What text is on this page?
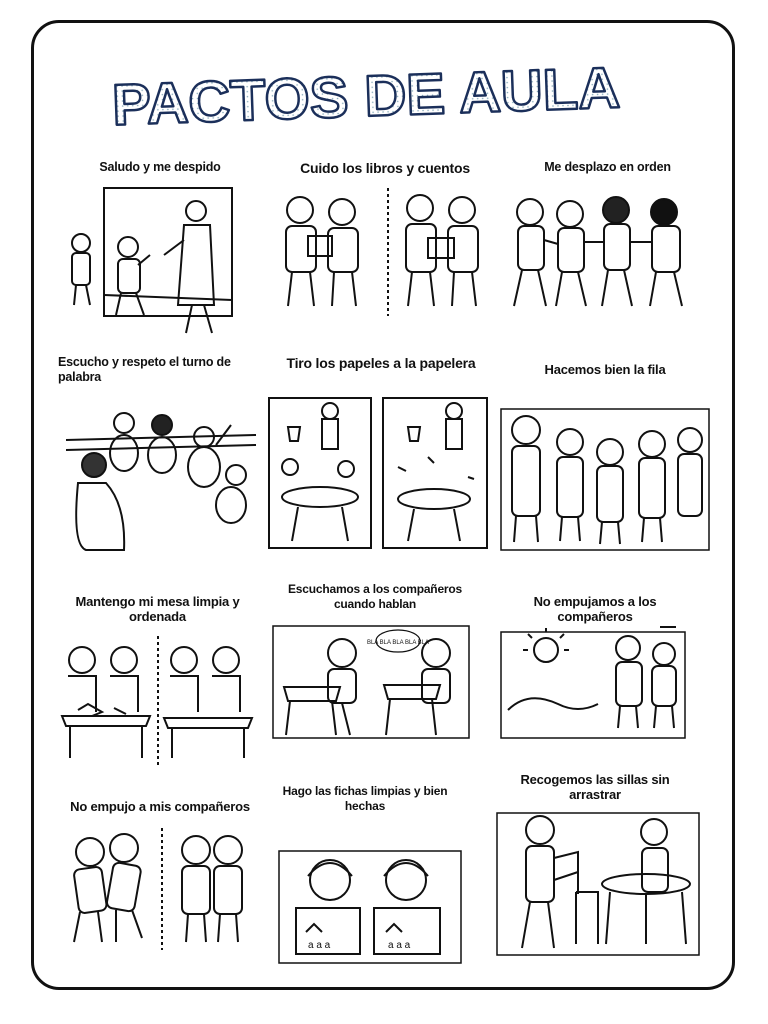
PACTOS DE AULA
Saludo y me despido	Cuido los libros y cuentos	Me desplazo en orden
Escucho y respeto el turno de palabra
Tiro los papeles a la papelera	Hacemos bien la fila
Mantengo mi mesa limpia y ordenada
Escuchamos a los compañeros cuando hablan
BLA BLA BLA BLA BLA
No empujamos a los compañeros
No empujo a mis compañeros
Hago las fichas limpias y bien hechas
a a a	a a a
Recogemos las sillas sin arrastrar
